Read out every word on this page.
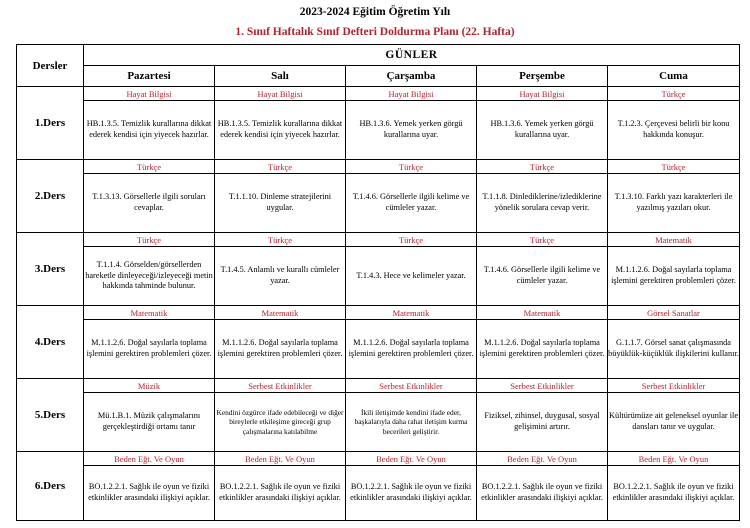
2023-2024 Eğitim Öğretim Yılı
1. Sınıf Haftalık Sınıf Defteri Doldurma Planı (22. Hafta)
Dersler	GÜNLER				
	Pazartesi	Salı	Çarşamba	Perşembe	Cuma
1.Ders	Hayat Bilgisi	Hayat Bilgisi	Hayat Bilgisi	Hayat Bilgisi	Türkçe
	HB.1.3.5. Temizlik kurallarına dikkat ederek kendisi için yiyecek hazırlar.	HB.1.3.5. Temizlik kurallarına dikkat ederek kendisi için yiyecek hazırlar.	HB.1.3.6. Yemek yerken görgü kurallarına uyar.	HB.1.3.6. Yemek yerken görgü kurallarına uyar.	T.1.2.3. Çerçevesi belirli bir konu hakkında konuşur.
2.Ders	Türkçe	Türkçe	Türkçe	Türkçe	Türkçe
	T.1.3.13. Görsellerle ilgili soruları cevaplar.	T.1.1.10. Dinleme stratejilerini uygular.	T.1.4.6. Görsellerle ilgili kelime ve cümleler yazar.	T.1.1.8. Dinlediklerine/izlediklerine yönelik sorulara cevap verir.	T.1.3.10. Farklı yazı karakterleri ile yazılmış yazıları okur.
3.Ders	Türkçe	Türkçe	Türkçe	Türkçe	Matematik
	T.1.1.4. Görselden/görsellerden hareketle dinleyeceği/izleyeceği metin hakkında tahminde bulunur.	T.1.4.5. Anlamlı ve kurallı cümleler yazar.	T.1.4.3. Hece ve kelimeler yazar.	T.1.4.6. Görsellerle ilgili kelime ve cümleler yazar.	M.1.1.2.6. Doğal sayılarla toplama işlemini gerektiren problemleri çözer.
4.Ders	Matematik	Matematik	Matematik	Matematik	Görsel Sanatlar
	M.1.1.2.6. Doğal sayılarla toplama işlemini gerektiren problemleri çözer.	M.1.1.2.6. Doğal sayılarla toplama işlemini gerektiren problemleri çözer.	M.1.1.2.6. Doğal sayılarla toplama işlemini gerektiren problemleri çözer.	M.1.1.2.6. Doğal sayılarla toplama işlemini gerektiren problemleri çözer.	G.1.1.7. Görsel sanat çalışmasında büyüklük-küçüklük ilişkilerini kullanır.
5.Ders	Müzik	Serbest Etkinlikler	Serbest Etkinlikler	Serbest Etkinlikler	Serbest Etkinlikler
	Mü.1.B.1. Müzik çalışmalarını gerçekleştirdiği ortamı tanır	Kendini özgürce ifade edebileceği ve diğer bireylerle etkileşime gireceği grup çalışmalarına katılabilme	İkili iletişimde kendini ifade eder, başkalarıyla daha rahat iletişim kurma becerileri geliştirir.	Fiziksel, zihinsel, duygusal, sosyal gelişimini artırır.	Kültürümüze ait geleneksel oyunlar ile dansları tanır ve uygular.
6.Ders	Beden Eğt. Ve Oyun	Beden Eğt. Ve Oyun	Beden Eğt. Ve Oyun	Beden Eğt. Ve Oyun	Beden Eğt. Ve Oyun
	BO.1.2.2.1. Sağlık ile oyun ve fiziki etkinlikler arasındaki ilişkiyi açıklar.	BO.1.2.2.1. Sağlık ile oyun ve fiziki etkinlikler arasındaki ilişkiyi açıklar.	BO.1.2.2.1. Sağlık ile oyun ve fiziki etkinlikler arasındaki ilişkiyi açıklar.	BO.1.2.2.1. Sağlık ile oyun ve fiziki etkinlikler arasındaki ilişkiyi açıklar.	BO.1.2.2.1. Sağlık ile oyun ve fiziki etkinlikler arasındaki ilişkiyi açıklar.
